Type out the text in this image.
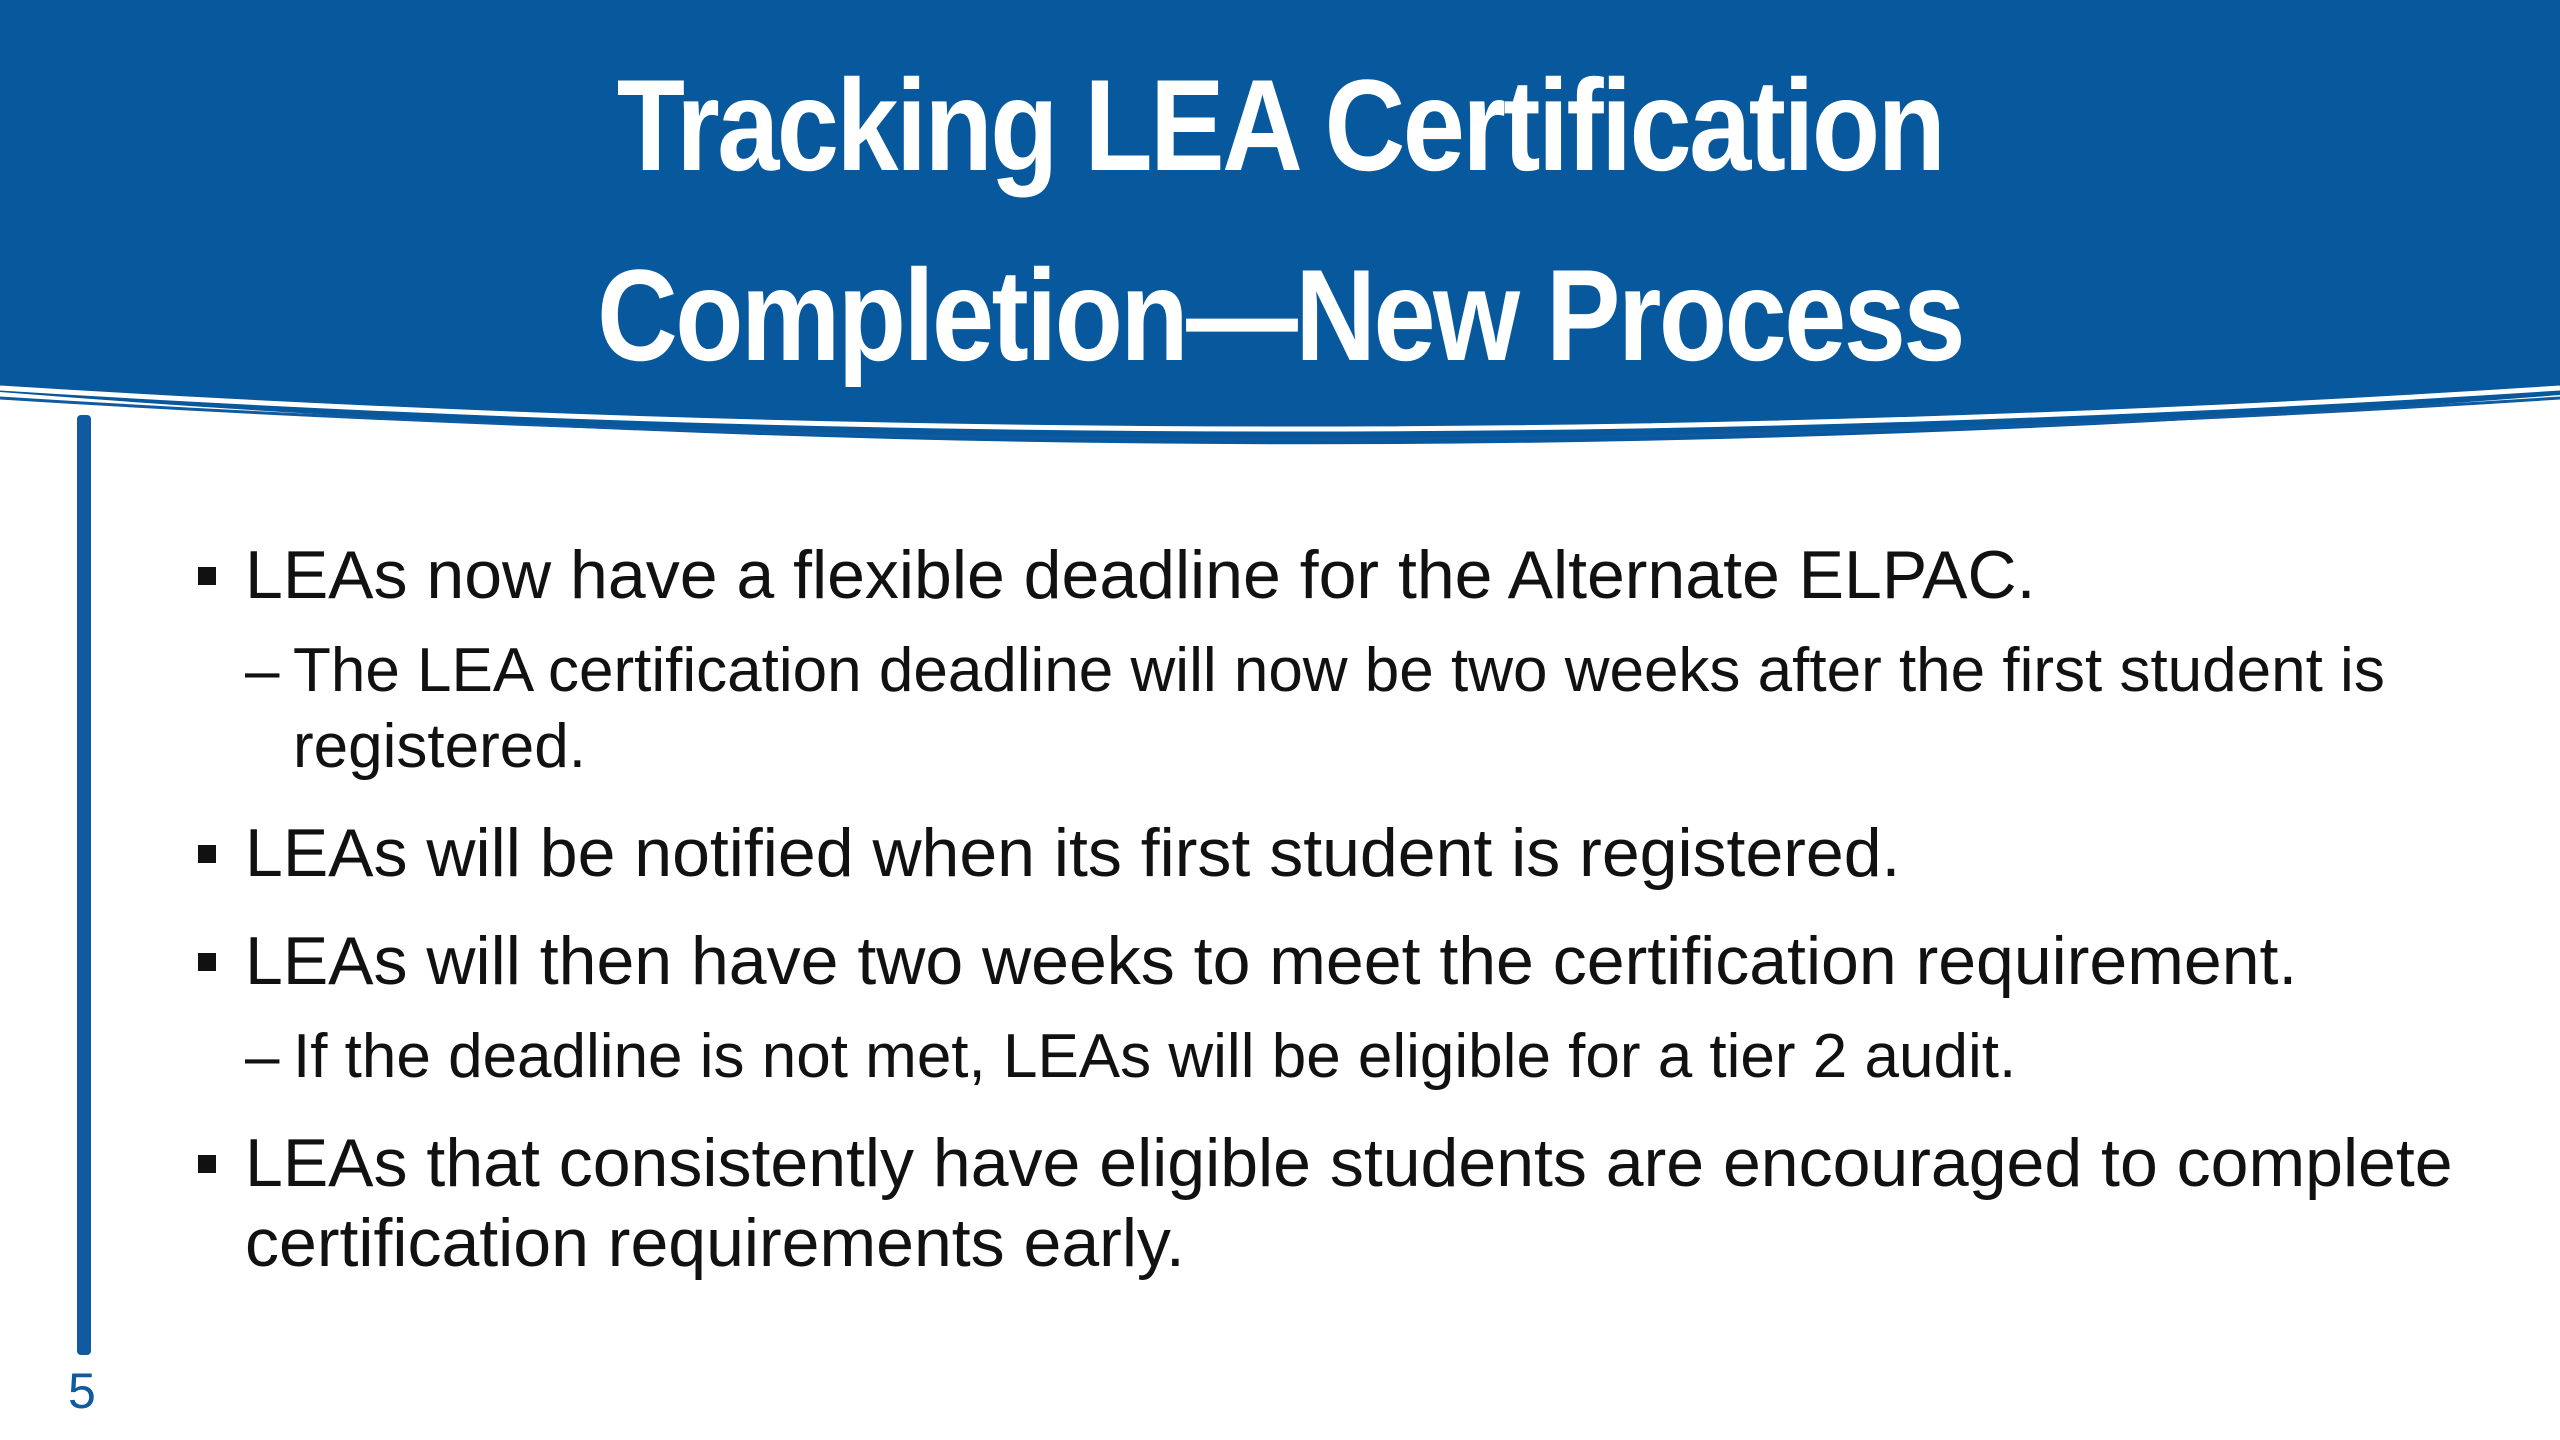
Tracking LEA Certification
Completion—New Process
LEAs now have a flexible deadline for the Alternate ELPAC.
– The LEA certification deadline will now be two weeks after the first student is registered.
LEAs will be notified when its first student is registered.
LEAs will then have two weeks to meet the certification requirement.
– If the deadline is not met, LEAs will be eligible for a tier 2 audit.
LEAs that consistently have eligible students are encouraged to complete certification requirements early.
5
